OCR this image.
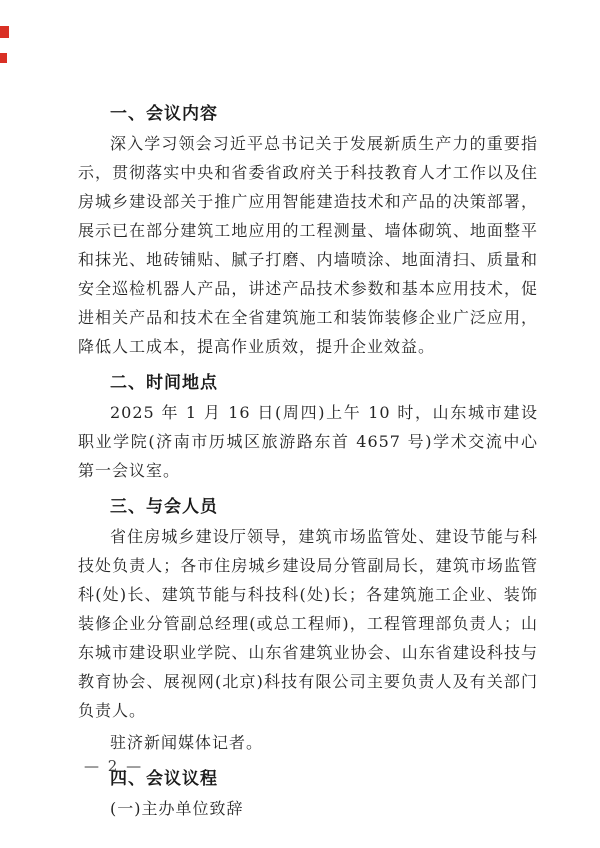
一、会议内容

深入学习领会习近平总书记关于发展新质生产力的重要指示，贯彻落实中央和省委省政府关于科技教育人才工作以及住房城乡建设部关于推广应用智能建造技术和产品的决策部署，展示已在部分建筑工地应用的工程测量、墙体砌筑、地面整平和抹光、地砖铺贴、腻子打磨、内墙喷涂、地面清扫、质量和安全巡检机器人产品，讲述产品技术参数和基本应用技术，促进相关产品和技术在全省建筑施工和装饰装修企业广泛应用，降低人工成本，提高作业质效，提升企业效益。

二、时间地点

2025 年 1 月 16 日(周四)上午 10 时，山东城市建设职业学院(济南市历城区旅游路东首 4657 号)学术交流中心第一会议室。

三、与会人员

省住房城乡建设厅领导，建筑市场监管处、建设节能与科技处负责人；各市住房城乡建设局分管副局长，建筑市场监管科(处)长、建筑节能与科技科(处)长；各建筑施工企业、装饰装修企业分管副总经理(或总工程师)，工程管理部负责人；山东城市建设职业学院、山东省建筑业协会、山东省建设科技与教育协会、展视网(北京)科技有限公司主要负责人及有关部门负责人。

驻济新闻媒体记者。

四、会议议程

(一)主办单位致辞

— 2 —
